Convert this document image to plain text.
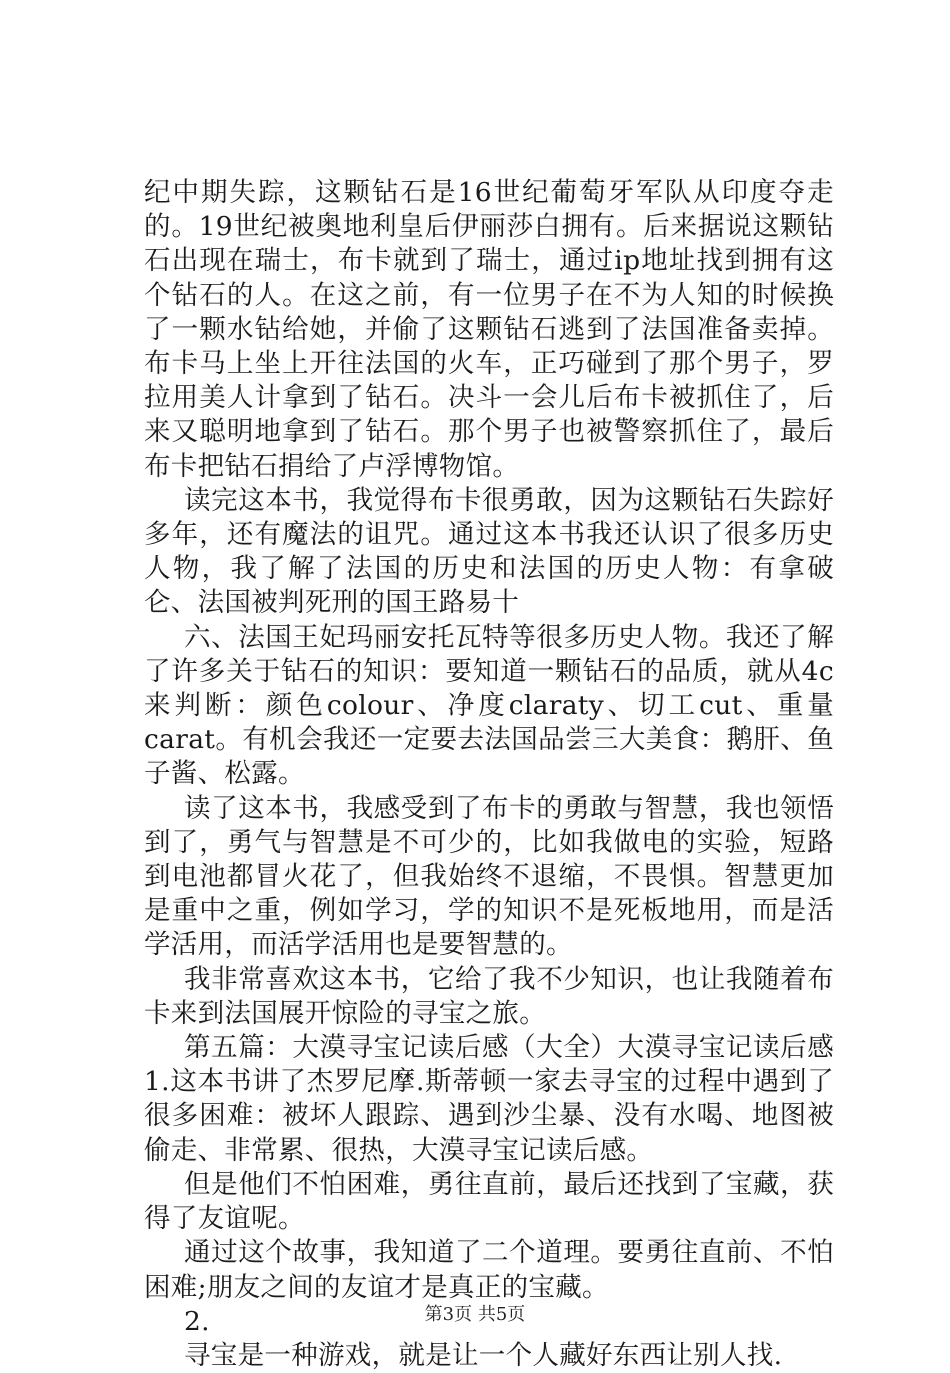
纪中期失踪，这颗钻石是16世纪葡萄牙军队从印度夺走的。19世纪被奥地利皇后伊丽莎白拥有。后来据说这颗钻石出现在瑞士，布卡就到了瑞士，通过ip地址找到拥有这个钻石的人。在这之前，有一位男子在不为人知的时候换了一颗水钻给她，并偷了这颗钻石逃到了法国准备卖掉。布卡马上坐上开往法国的火车，正巧碰到了那个男子，罗拉用美人计拿到了钻石。决斗一会儿后布卡被抓住了，后来又聪明地拿到了钻石。那个男子也被警察抓住了，最后布卡把钻石捐给了卢浮博物馆。

读完这本书，我觉得布卡很勇敢，因为这颗钻石失踪好多年，还有魔法的诅咒。通过这本书我还认识了很多历史人物，我了解了法国的历史和法国的历史人物：有拿破仑、法国被判死刑的国王路易十

六、法国王妃玛丽安托瓦特等很多历史人物。我还了解了许多关于钻石的知识：要知道一颗钻石的品质，就从4c来判断：颜色colour、净度claraty、切工cut、重量carat。有机会我还一定要去法国品尝三大美食：鹅肝、鱼子酱、松露。

读了这本书，我感受到了布卡的勇敢与智慧，我也领悟到了，勇气与智慧是不可少的，比如我做电的实验，短路到电池都冒火花了，但我始终不退缩，不畏惧。智慧更加是重中之重，例如学习，学的知识不是死板地用，而是活学活用，而活学活用也是要智慧的。

我非常喜欢这本书，它给了我不少知识，也让我随着布卡来到法国展开惊险的寻宝之旅。

第五篇：大漠寻宝记读后感（大全）大漠寻宝记读后感1.这本书讲了杰罗尼摩.斯蒂顿一家去寻宝的过程中遇到了很多困难：被坏人跟踪、遇到沙尘暴、没有水喝、地图被偷走、非常累、很热，大漠寻宝记读后感。

但是他们不怕困难，勇往直前，最后还找到了宝藏，获得了友谊呢。

通过这个故事，我知道了二个道理。要勇往直前、不怕困难;朋友之间的友谊才是真正的宝藏。

2.

寻宝是一种游戏，就是让一个人藏好东西让别人找.

第3页 共5页
